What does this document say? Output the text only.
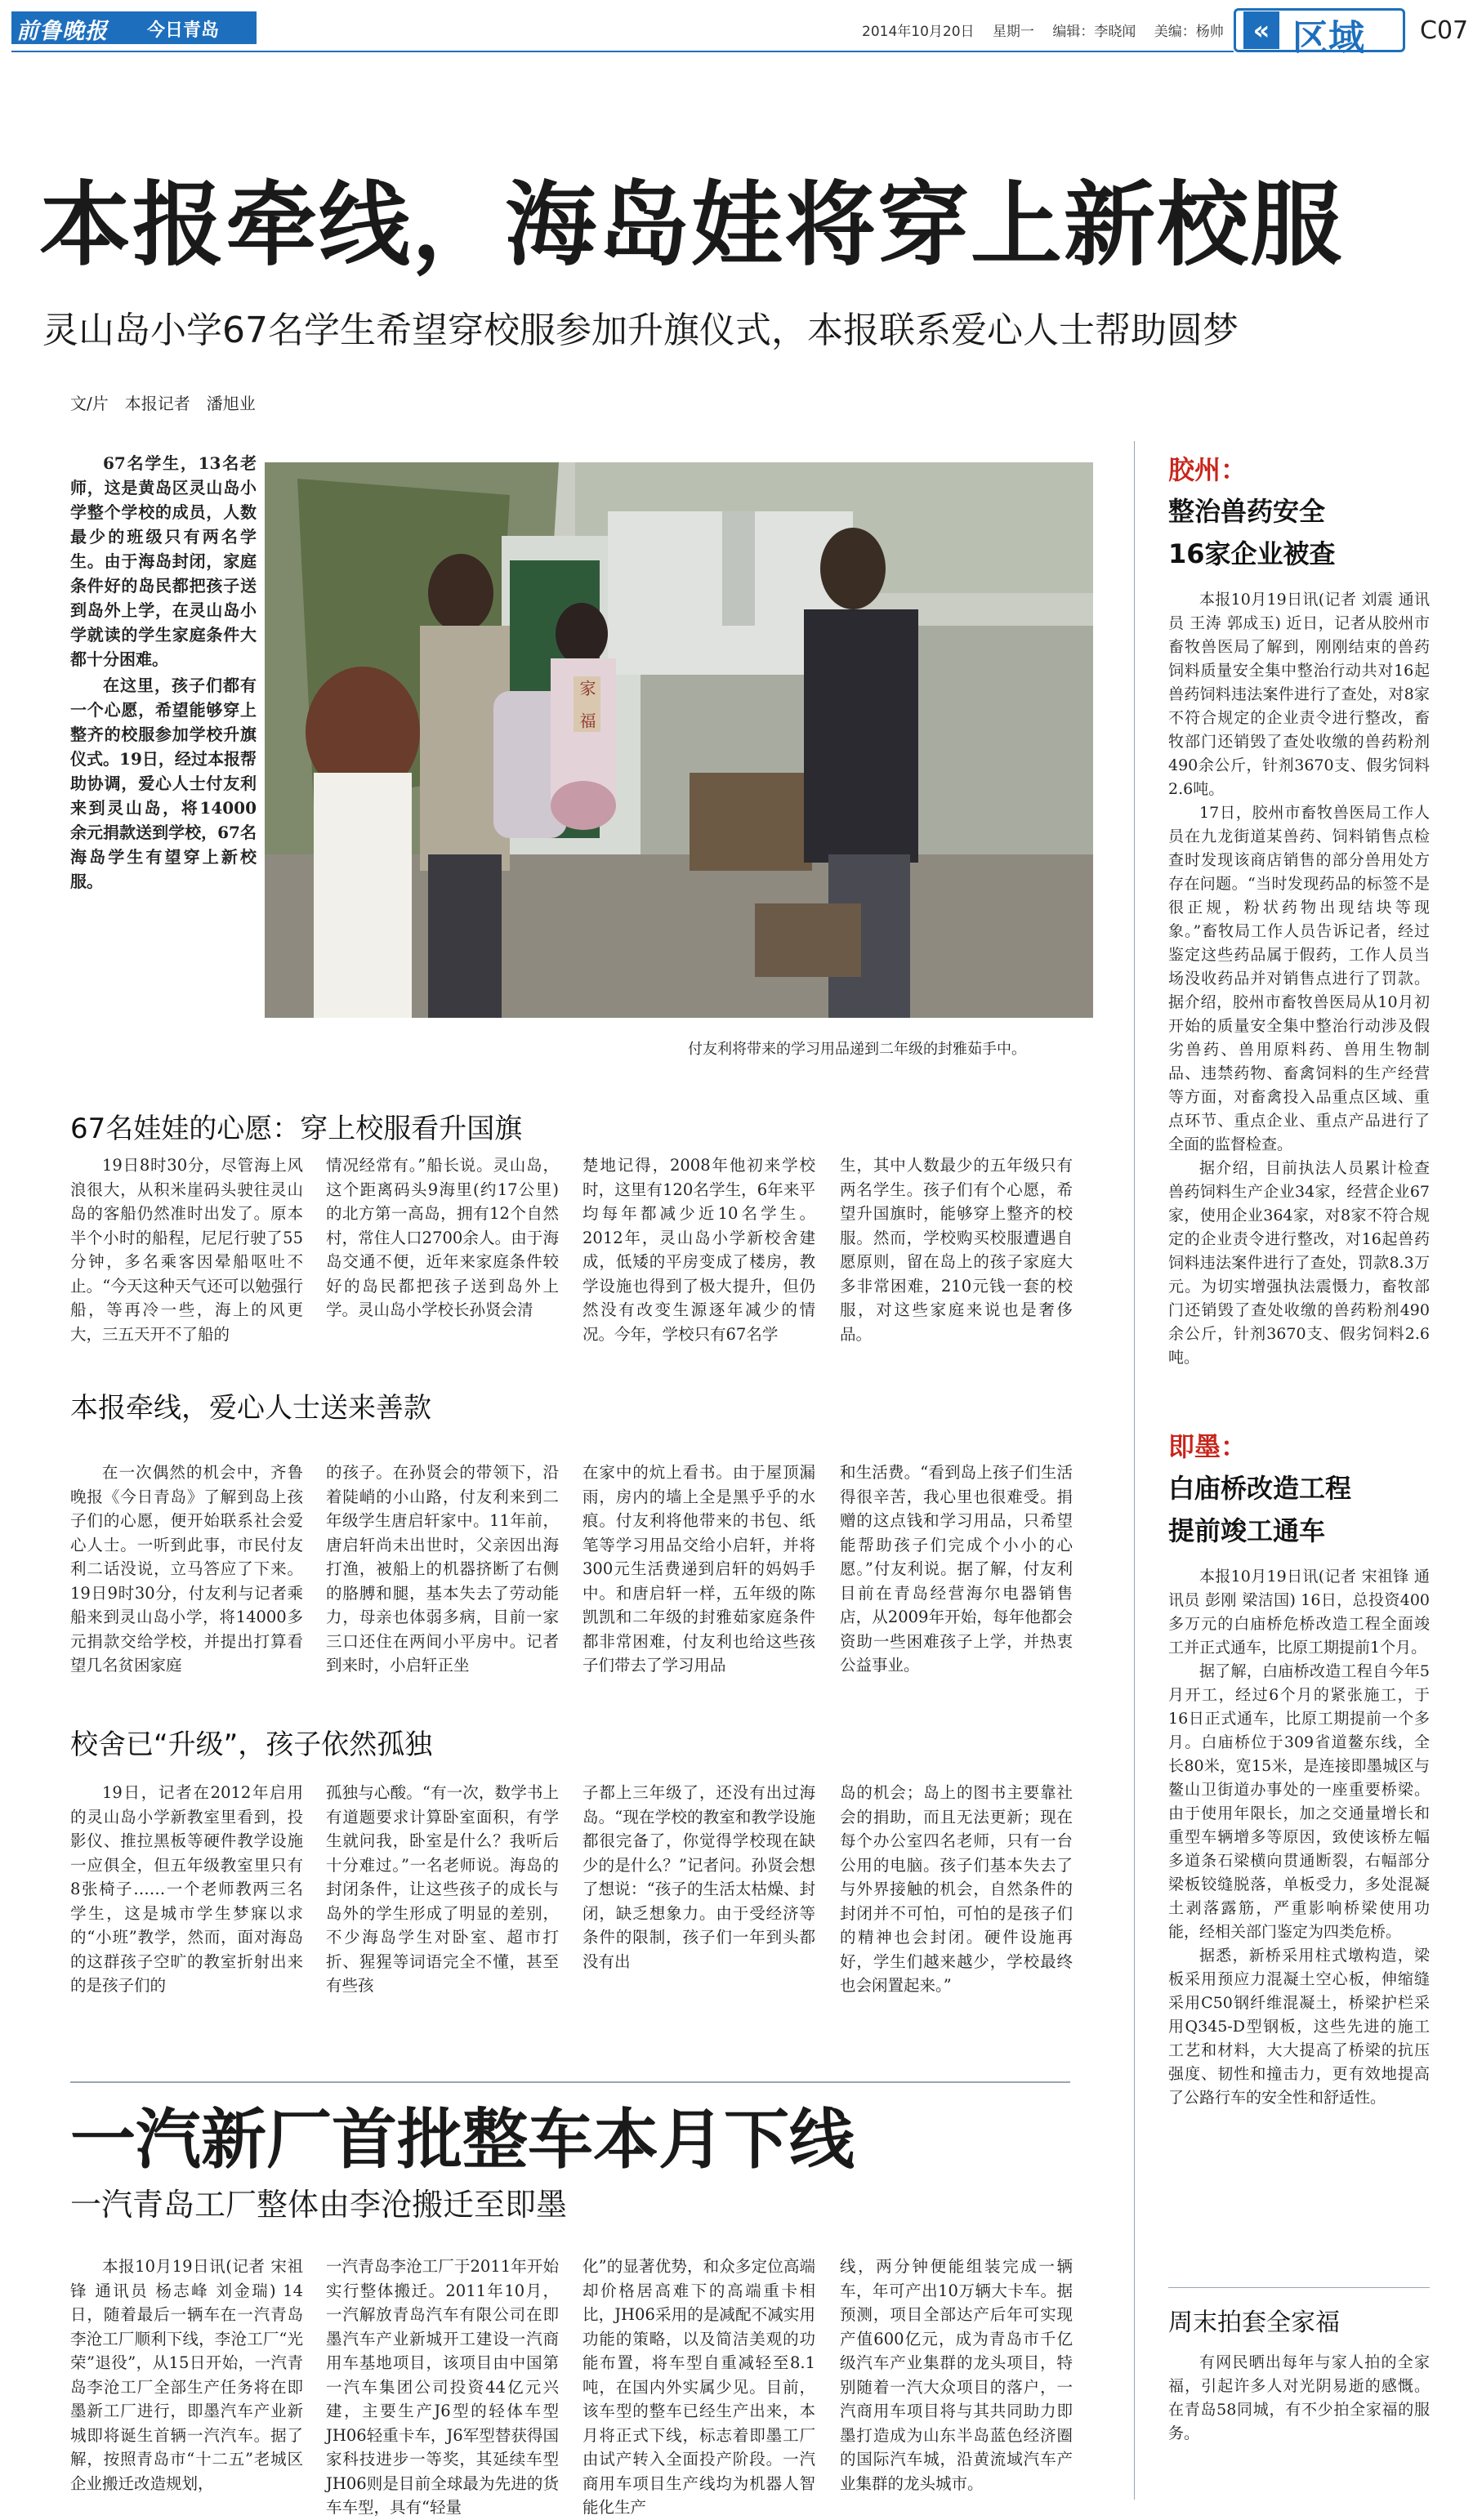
前鲁晚报 今日青岛	2014年10月20日  星期一  编辑：李晓闻  美编：杨帅	« 区域 C07
本报牵线，海岛娃将穿上新校服
灵山岛小学67名学生希望穿校服参加升旗仪式，本报联系爱心人士帮助圆梦
文/片　本报记者　潘旭业
67名学生，13名老师，这是黄岛区灵山岛小学整个学校的成员，人数最少的班级只有两名学生。由于海岛封闭，家庭条件好的岛民都把孩子送到岛外上学，在灵山岛小学就读的学生家庭条件大都十分困难。
在这里，孩子们都有一个心愿，希望能够穿上整齐的校服参加学校升旗仪式。19日，经过本报帮助协调，爱心人士付友利来到灵山岛，将14000余元捐款送到学校，67名海岛学生有望穿上新校服。
家　福
付友利将带来的学习用品递到二年级的封雅茹手中。
67名娃娃的心愿：穿上校服看升国旗
19日8时30分，尽管海上风浪很大，从积米崖码头驶往灵山岛的客船仍然准时出发了。原本半个小时的船程，尼尼行驶了55分钟，多名乘客因晕船呕吐不止。“今天这种天气还可以勉强行船，等再冷一些，海上的风更大，三五天开不了船的
情况经常有。”船长说。灵山岛，这个距离码头9海里(约17公里)的北方第一高岛，拥有12个自然村，常住人口2700余人。由于海岛交通不便，近年来家庭条件较好的岛民都把孩子送到岛外上学。灵山岛小学校长孙贤会清
楚地记得，2008年他初来学校时，这里有120名学生，6年来平均每年都减少近10名学生。2012年，灵山岛小学新校舍建成，低矮的平房变成了楼房，教学设施也得到了极大提升，但仍然没有改变生源逐年减少的情况。今年，学校只有67名学
生，其中人数最少的五年级只有两名学生。孩子们有个心愿，希望升国旗时，能够穿上整齐的校服。然而，学校购买校服遭遇自愿原则，留在岛上的孩子家庭大多非常困难，210元钱一套的校服，对这些家庭来说也是奢侈品。
本报牵线，爱心人士送来善款
在一次偶然的机会中，齐鲁晚报《今日青岛》了解到岛上孩子们的心愿，便开始联系社会爱心人士。一听到此事，市民付友利二话没说，立马答应了下来。19日9时30分，付友利与记者乘船来到灵山岛小学，将14000多元捐款交给学校，并提出打算看望几名贫困家庭
的孩子。在孙贤会的带领下，沿着陡峭的小山路，付友利来到二年级学生唐启轩家中。11年前，唐启轩尚未出世时，父亲因出海打渔，被船上的机器挤断了右侧的胳膊和腿，基本失去了劳动能力，母亲也体弱多病，目前一家三口还住在两间小平房中。记者到来时，小启轩正坐
在家中的炕上看书。由于屋顶漏雨，房内的墙上全是黑乎乎的水痕。付友利将他带来的书包、纸笔等学习用品交给小启轩，并将300元生活费递到启轩的妈妈手中。和唐启轩一样，五年级的陈凯凯和二年级的封雅茹家庭条件都非常困难，付友利也给这些孩子们带去了学习用品
和生活费。“看到岛上孩子们生活得很辛苦，我心里也很难受。捐赠的这点钱和学习用品，只希望能帮助孩子们完成个小小的心愿。”付友利说。据了解，付友利目前在青岛经营海尔电器销售店，从2009年开始，每年他都会资助一些困难孩子上学，并热衷公益事业。
校舍已“升级”，孩子依然孤独
19日，记者在2012年启用的灵山岛小学新教室里看到，投影仪、推拉黑板等硬件教学设施一应俱全，但五年级教室里只有8张椅子……一个老师教两三名学生，这是城市学生梦寐以求的“小班”教学，然而，面对海岛的这群孩子空旷的教室折射出来的是孩子们的
孤独与心酸。“有一次，数学书上有道题要求计算卧室面积，有学生就问我，卧室是什么？我听后十分难过。”一名老师说。海岛的封闭条件，让这些孩子的成长与岛外的学生形成了明显的差别，不少海岛学生对卧室、超市打折、猩猩等词语完全不懂，甚至有些孩
子都上三年级了，还没有出过海岛。“现在学校的教室和教学设施都很完备了，你觉得学校现在缺少的是什么？”记者问。孙贤会想了想说：“孩子的生活太枯燥、封闭，缺乏想象力。由于受经济等条件的限制，孩子们一年到头都没有出
岛的机会；岛上的图书主要靠社会的捐助，而且无法更新；现在每个办公室四名老师，只有一台公用的电脑。孩子们基本失去了与外界接触的机会，自然条件的封闭并不可怕，可怕的是孩子们的精神也会封闭。硬件设施再好，学生们越来越少，学校最终也会闲置起来。”
一汽新厂首批整车本月下线
一汽青岛工厂整体由李沧搬迁至即墨
本报10月19日讯(记者 宋祖锋 通讯员 杨志峰 刘金瑞) 14日，随着最后一辆车在一汽青岛李沧工厂顺利下线，李沧工厂“光荣”退役”，从15日开始，一汽青岛李沧工厂全部生产任务将在即墨新工厂进行，即墨汽车产业新城即将诞生首辆一汽汽车。据了解，按照青岛市“十二五”老城区企业搬迁改造规划，
一汽青岛李沧工厂于2011年开始实行整体搬迁。2011年10月，一汽解放青岛汽车有限公司在即墨汽车产业新城开工建设一汽商用车基地项目，该项目由中国第一汽车集团公司投资44亿元兴建，主要生产J6型的轻体车型JH06轻重卡车，J6军型替获得国家科技进步一等奖，其延续车型JH06则是目前全球最为先进的货车车型，具有“轻量
化”的显著优势，和众多定位高端却价格居高难下的高端重卡相比，JH06采用的是减配不减实用功能的策略，以及简洁美观的功能布置，将车型自重减轻至8.1吨，在国内外实属少见。目前，该车型的整车已经生产出来，本月将正式下线，标志着即墨工厂由试产转入全面投产阶段。一汽商用车项目生产线均为机器人智能化生产
线，两分钟便能组装完成一辆车，年可产出10万辆大卡车。据预测，项目全部达产后年可实现产值600亿元，成为青岛市千亿级汽车产业集群的龙头项目，特别随着一汽大众项目的落户，一汽商用车项目将与其共同助力即墨打造成为山东半岛蓝色经济圈的国际汽车城，沿黄流域汽车产业集群的龙头城市。
胶州：
整治兽药安全
16家企业被查
本报10月19日讯(记者 刘震 通讯员 王涛 郭成玉) 近日，记者从胶州市畜牧兽医局了解到，刚刚结束的兽药饲料质量安全集中整治行动共对16起兽药饲料违法案件进行了查处，对8家不符合规定的企业责令进行整改，畜牧部门还销毁了查处收缴的兽药粉剂490余公斤，针剂3670支、假劣饲料2.6吨。
17日，胶州市畜牧兽医局工作人员在九龙街道某兽药、饲料销售点检查时发现该商店销售的部分兽用处方存在问题。“当时发现药品的标签不是很正规，粉状药物出现结块等现象。”畜牧局工作人员告诉记者，经过鉴定这些药品属于假药，工作人员当场没收药品并对销售点进行了罚款。据介绍，胶州市畜牧兽医局从10月初开始的质量安全集中整治行动涉及假劣兽药、兽用原料药、兽用生物制品、违禁药物、畜禽饲料的生产经营等方面，对畜禽投入品重点区域、重点环节、重点企业、重点产品进行了全面的监督检查。
据介绍，目前执法人员累计检查兽药饲料生产企业34家，经营企业67家，使用企业364家，对8家不符合规定的企业责令进行整改，对16起兽药饲料违法案件进行了查处，罚款8.3万元。为切实增强执法震慑力，畜牧部门还销毁了查处收缴的兽药粉剂490余公斤，针剂3670支、假劣饲料2.6吨。
即墨：
白庙桥改造工程
提前竣工通车
本报10月19日讯(记者 宋祖锋 通讯员 彭刚 梁洁国) 16日，总投资400多万元的白庙桥危桥改造工程全面竣工并正式通车，比原工期提前1个月。
据了解，白庙桥改造工程自今年5月开工，经过6个月的紧张施工，于16日正式通车，比原工期提前一个多月。白庙桥位于309省道鳌东线，全长80米，宽15米，是连接即墨城区与鳌山卫街道办事处的一座重要桥梁。由于使用年限长，加之交通量增长和重型车辆增多等原因，致使该桥左幅多道条石梁横向贯通断裂，右幅部分梁板铰缝脱落，单板受力，多处混凝土剥落露筋，严重影响桥梁使用功能，经相关部门鉴定为四类危桥。
据悉，新桥采用柱式墩构造，梁板采用预应力混凝土空心板，伸缩缝采用C50钢纤维混凝土，桥梁护栏采用Q345-D型钢板，这些先进的施工工艺和材料，大大提高了桥梁的抗压强度、韧性和撞击力，更有效地提高了公路行车的安全性和舒适性。
周末拍套全家福
有网民晒出每年与家人拍的全家福，引起许多人对光阴易逝的感慨。在青岛58同城，有不少拍全家福的服务。
